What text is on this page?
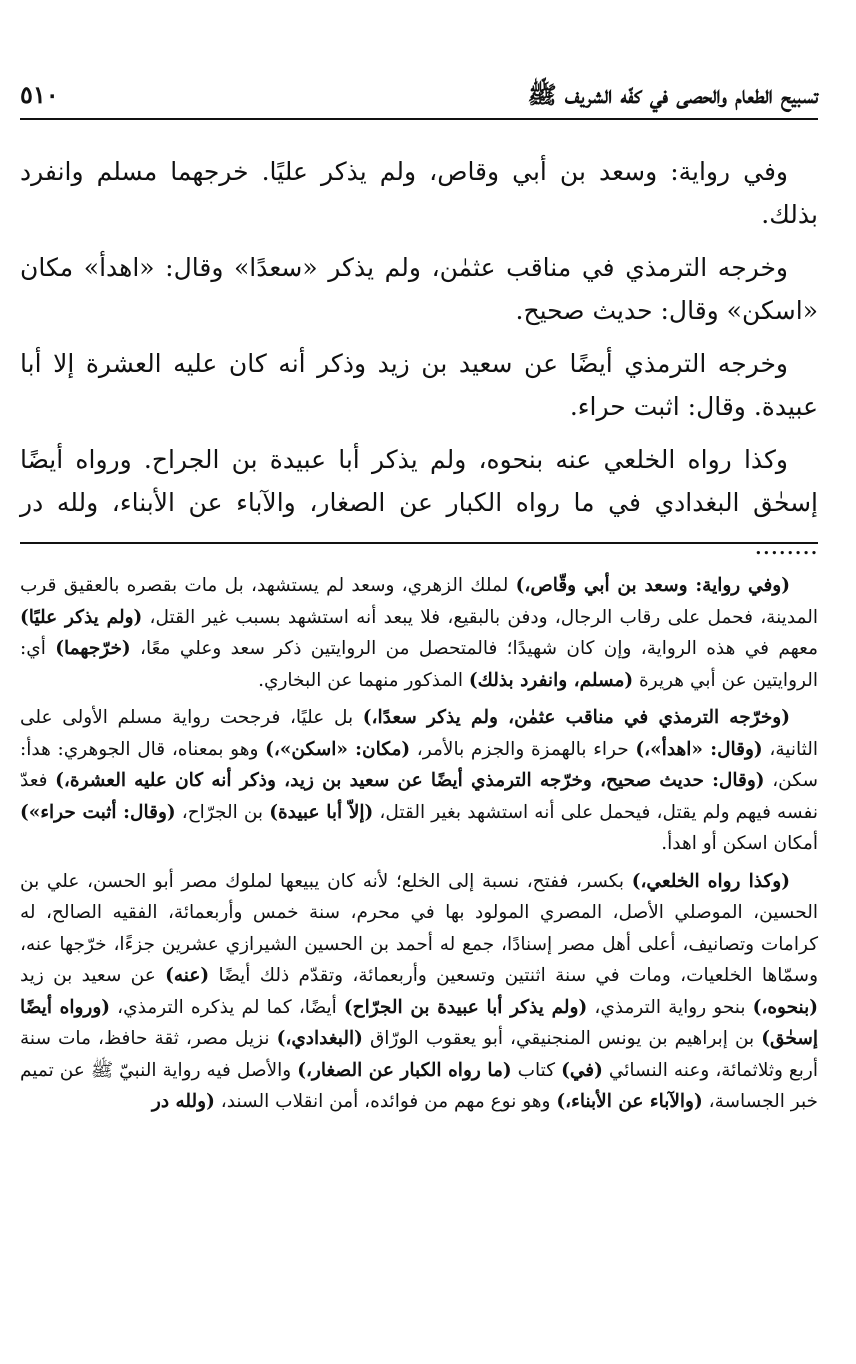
تسبيح الطعام والحصى في كفّه الشريف ﷺ
٥١٠

وفي رواية: وسعد بن أبي وقاص، ولم يذكر عليًا. خرجهما مسلم وانفرد بذلك.

وخرجه الترمذي في مناقب عثمٰن، ولم يذكر «سعدًا» وقال: «اهدأ» مكان «اسكن» وقال: حديث صحيح.

وخرجه الترمذي أيضًا عن سعيد بن زيد وذكر أنه كان عليه العشرة إلا أبا عبيدة. وقال: اثبت حراء.

وكذا رواه الخلعي عنه بنحوه، ولم يذكر أبا عبيدة بن الجراح. ورواه أيضًا إسحٰق البغدادي في ما رواه الكبار عن الصغار، والآباء عن الأبناء، ولله در ........

(وفي رواية: وسعد بن أبي وقّاص،) لملك الزهري، وسعد لم يستشهد، بل مات بقصره بالعقيق قرب المدينة، فحمل على رقاب الرجال، ودفن بالبقيع، فلا يبعد أنه استشهد بسبب غير القتل، (ولم يذكر عليًا) معهم في هذه الرواية، وإن كان شهيدًا؛ فالمتحصل من الروايتين ذكر سعد وعلي معًا، (خرّجهما) أي: الروايتين عن أبي هريرة (مسلم، وانفرد بذلك) المذكور منهما عن البخاري.

(وخرّجه الترمذي في مناقب عثمٰن، ولم يذكر سعدًا،) بل عليًا، فرجحت رواية مسلم الأولى على الثانية، (وقال: «اهدأ»،) حراء بالهمزة والجزم بالأمر، (مكان: «اسكن»،) وهو بمعناه، قال الجوهري: هدأ: سكن، (وقال: حديث صحيح، وخرّجه الترمذي أيضًا عن سعيد بن زيد، وذكر أنه كان عليه العشرة،) فعدّ نفسه فيهم ولم يقتل، فيحمل على أنه استشهد بغير القتل، (إلاّ أبا عبيدة) بن الجرّاح، (وقال: أثبت حراء») أمكان اسكن أو اهدأ.

(وكذا رواه الخلعي،) بكسر، ففتح، نسبة إلى الخلع؛ لأنه كان يبيعها لملوك مصر أبو الحسن، علي بن الحسين، الموصلي الأصل، المصري المولود بها في محرم، سنة خمس وأربعمائة، الفقيه الصالح، له كرامات وتصانيف، أعلى أهل مصر إسنادًا، جمع له أحمد بن الحسين الشيرازي عشرين جزءًا، خرّجها عنه، وسمّاها الخلعيات، ومات في سنة اثنتين وتسعين وأربعمائة، وتقدّم ذلك أيضًا (عنه) عن سعيد بن زيد (بنحوه،) بنحو رواية الترمذي، (ولم يذكر أبا عبيدة بن الجرّاح) أيضًا، كما لم يذكره الترمذي، (ورواه أيضًا إسحٰق) بن إبراهيم بن يونس المنجنيقي، أبو يعقوب الورّاق (البغدادي،) نزيل مصر، ثقة حافظ، مات سنة أربع وثلاثمائة، وعنه النسائي (في) كتاب (ما رواه الكبار عن الصغار،) والأصل فيه رواية النبيّ ﷺ عن تميم خبر الجساسة، (والآباء عن الأبناء،) وهو نوع مهم من فوائده، أمن انقلاب السند، (ولله در
